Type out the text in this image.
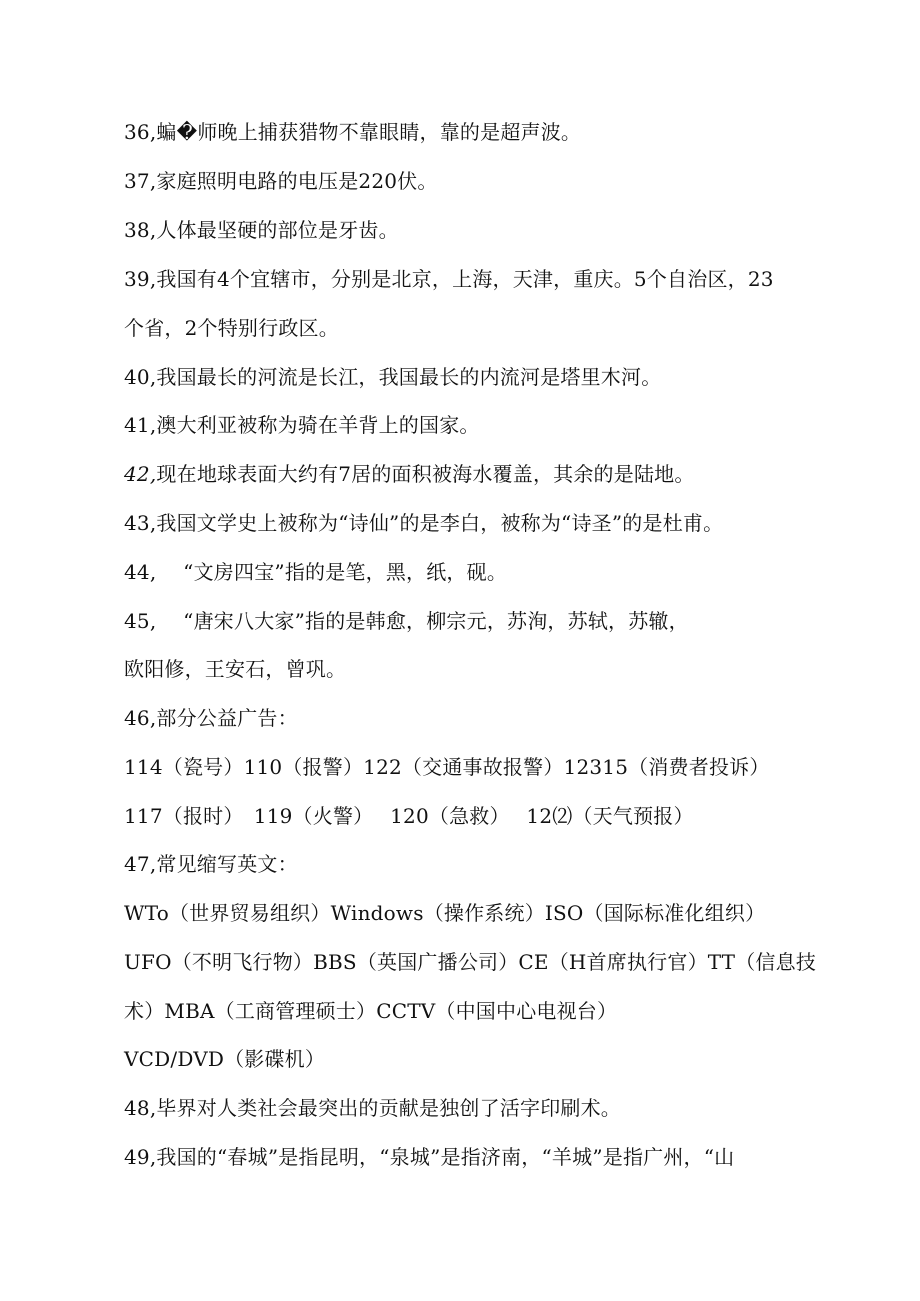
36,蝙�师晚上捕获猎物不靠眼睛，靠的是超声波。
37,家庭照明电路的电压是220伏。
38,人体最坚硬的部位是牙齿。
39,我国有4个宜辖市，分别是北京，上海，天津，重庆。5个自治区，23
个省，2个特别行政区。
40,我国最长的河流是长江，我国最长的内流河是塔里木河。
41,澳大利亚被称为骑在羊背上的国家。
42,现在地球表面大约有7居的面积被海水覆盖，其余的是陆地。
43,我国文学史上被称为“诗仙”的是李白，被称为“诗圣”的是杜甫。
44,　 “文房四宝”指的是笔，黑，纸，砚。
45,　 “唐宋八大家”指的是韩愈，柳宗元，苏洵，苏轼，苏辙，
欧阳修，王安石，曾巩。
46,部分公益广告：
114（瓷号）110（报警）122（交通事故报警）12315（消费者投诉）
117（报时）　119（火警）　 120（急救）　 12⑵（天气预报）
47,常见缩写英文：
WTo（世界贸易组织）Windows（操作系统）ISO（国际标准化组织）
UFO（不明飞行物）BBS（英国广播公司）CE（H首席执行官）TT（信息技
术）MBA（工商管理硕士）CCTV（中国中心电视台）
VCD/DVD（影碟机）
48,毕界对人类社会最突出的贡献是独创了活字印刷术。
49,我国的“春城”是指昆明，“泉城”是指济南，“羊城”是指广州，“山
